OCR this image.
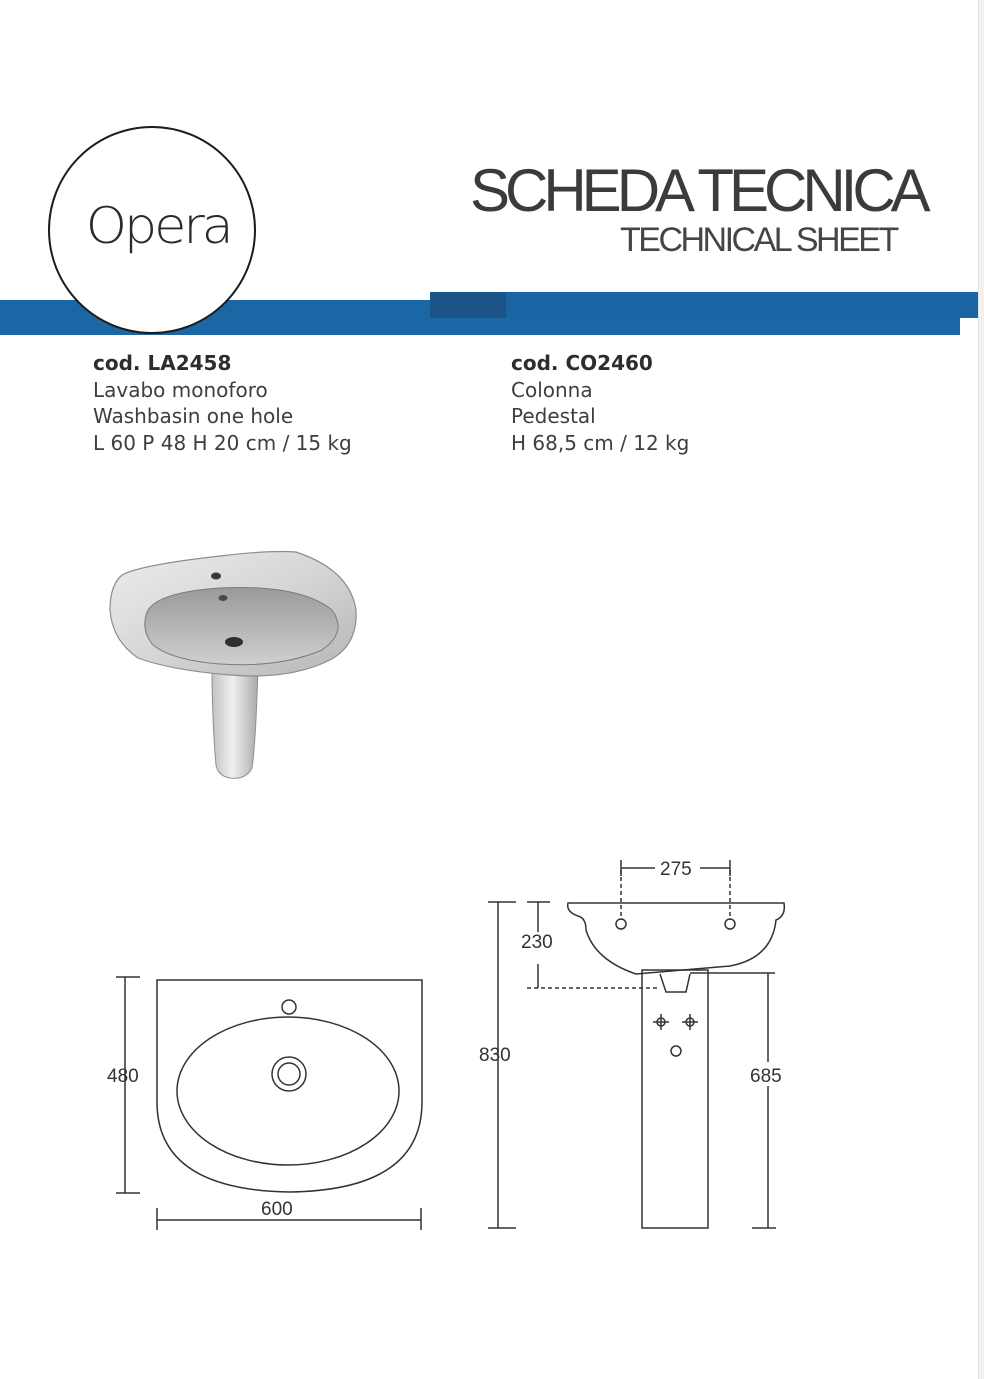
Opera
SCHEDA TECNICA
TECHNICAL SHEET
cod. LA2458
Lavabo monoforo
Washbasin one hole
L 60 P 48 H 20 cm / 15 kg
cod. CO2460
Colonna
Pedestal
H 68,5 cm / 12 kg
480
600
275
230
830
685
